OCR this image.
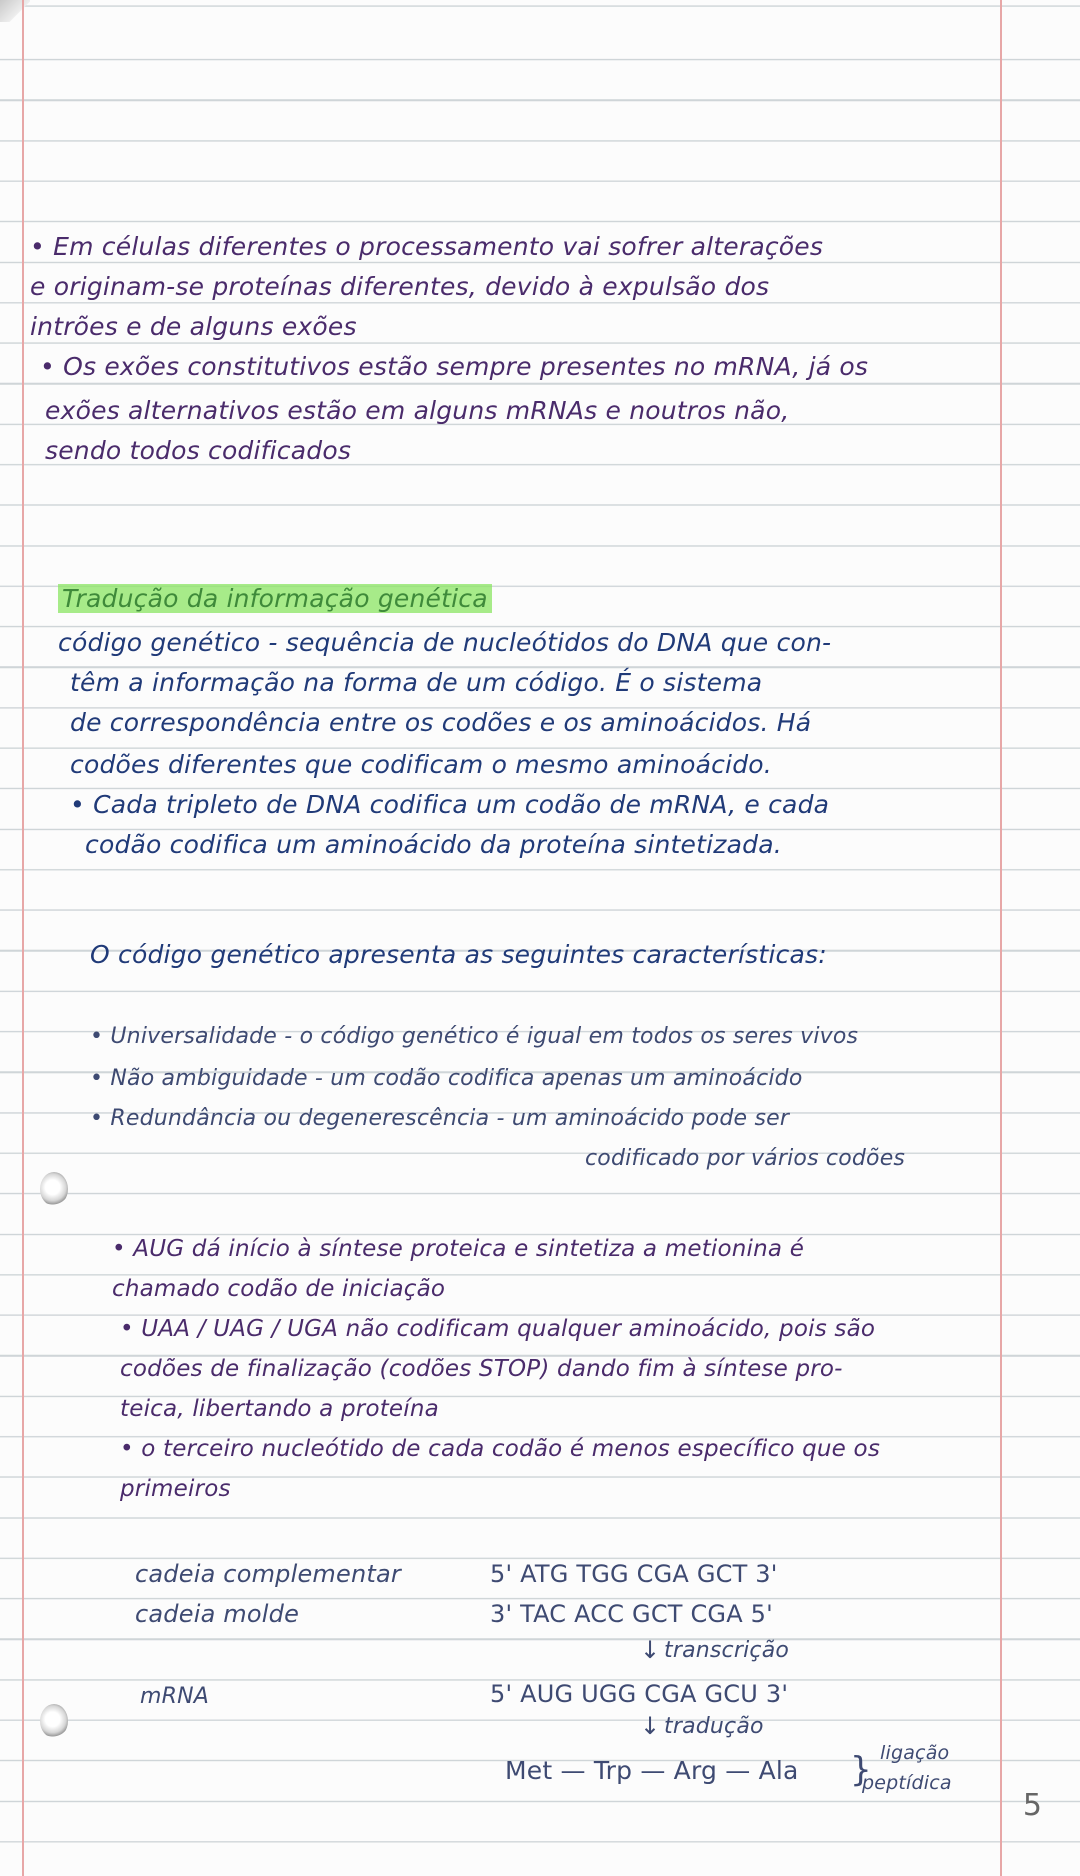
• Em células diferentes o processamento vai sofrer alterações

e originam-se proteínas diferentes, devido à expulsão dos

intrões e de alguns exões

• Os exões constitutivos estão sempre presentes no mRNA, já os

exões alternativos estão em alguns mRNAs e noutros não,

sendo todos codificados

Tradução da informação genética

código genético - sequência de nucleótidos do DNA que con-

têm a informação na forma de um código. É o sistema

de correspondência entre os codões e os aminoácidos. Há

codões diferentes que codificam o mesmo aminoácido.

• Cada tripleto de DNA codifica um codão de mRNA, e cada

codão codifica um aminoácido da proteína sintetizada.

O código genético apresenta as seguintes características:

• Universalidade - o código genético é igual em todos os seres vivos

• Não ambiguidade - um codão codifica apenas um aminoácido

• Redundância ou degenerescência - um aminoácido pode ser

codificado por vários codões

• AUG dá início à síntese proteica e sintetiza a metionina é

chamado codão de iniciação

• UAA / UAG / UGA não codificam qualquer aminoácido, pois são

codões de finalização (codões STOP) dando fim à síntese pro-

teica, libertando a proteína

• o terceiro nucleótido de cada codão é menos específico que os

primeiros

cadeia complementar	5' ATG TGG CGA GCT 3'

cadeia molde	3' TAC ACC GCT CGA 5'

↓ transcrição

mRNA	5' AUG UGG CGA GCU 3'

↓ tradução

Met — Trp — Arg — Ala } ligação

peptídica

5
